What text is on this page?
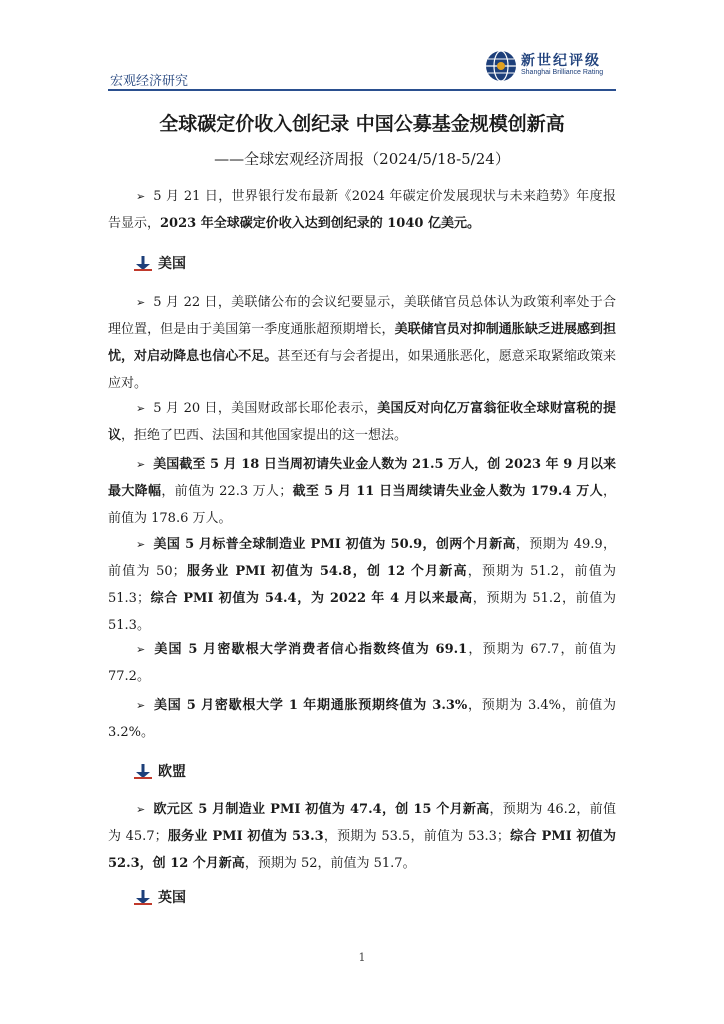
宏观经济研究
新世纪评级
Shanghai Brilliance Rating
全球碳定价收入创纪录 中国公募基金规模创新高
——全球宏观经济周报（2024/5/18-5/24）
➢ 5 月 21 日，世界银行发布最新《2024 年碳定价发展现状与未来趋势》年度报告显示，2023 年全球碳定价收入达到创纪录的 1040 亿美元。
美国
➢ 5 月 22 日，美联储公布的会议纪要显示，美联储官员总体认为政策利率处于合理位置，但是由于美国第一季度通胀超预期增长，美联储官员对抑制通胀缺乏进展感到担忧，对启动降息也信心不足。甚至还有与会者提出，如果通胀恶化，愿意采取紧缩政策来应对。
➢ 5 月 20 日，美国财政部长耶伦表示，美国反对向亿万富翁征收全球财富税的提议，拒绝了巴西、法国和其他国家提出的这一想法。
➢ 美国截至 5 月 18 日当周初请失业金人数为 21.5 万人，创 2023 年 9 月以来最大降幅，前值为 22.3 万人；截至 5 月 11 日当周续请失业金人数为 179.4 万人，前值为 178.6 万人。
➢ 美国 5 月标普全球制造业 PMI 初值为 50.9，创两个月新高，预期为 49.9，前值为 50；服务业 PMI 初值为 54.8，创 12 个月新高，预期为 51.2，前值为 51.3；综合 PMI 初值为 54.4，为 2022 年 4 月以来最高，预期为 51.2，前值为 51.3。
➢ 美国 5 月密歇根大学消费者信心指数终值为 69.1，预期为 67.7，前值为 77.2。
➢ 美国 5 月密歇根大学 1 年期通胀预期终值为 3.3%，预期为 3.4%，前值为 3.2%。
欧盟
➢ 欧元区 5 月制造业 PMI 初值为 47.4，创 15 个月新高，预期为 46.2，前值为 45.7；服务业 PMI 初值为 53.3，预期为 53.5，前值为 53.3；综合 PMI 初值为 52.3，创 12 个月新高，预期为 52，前值为 51.7。
英国
1
